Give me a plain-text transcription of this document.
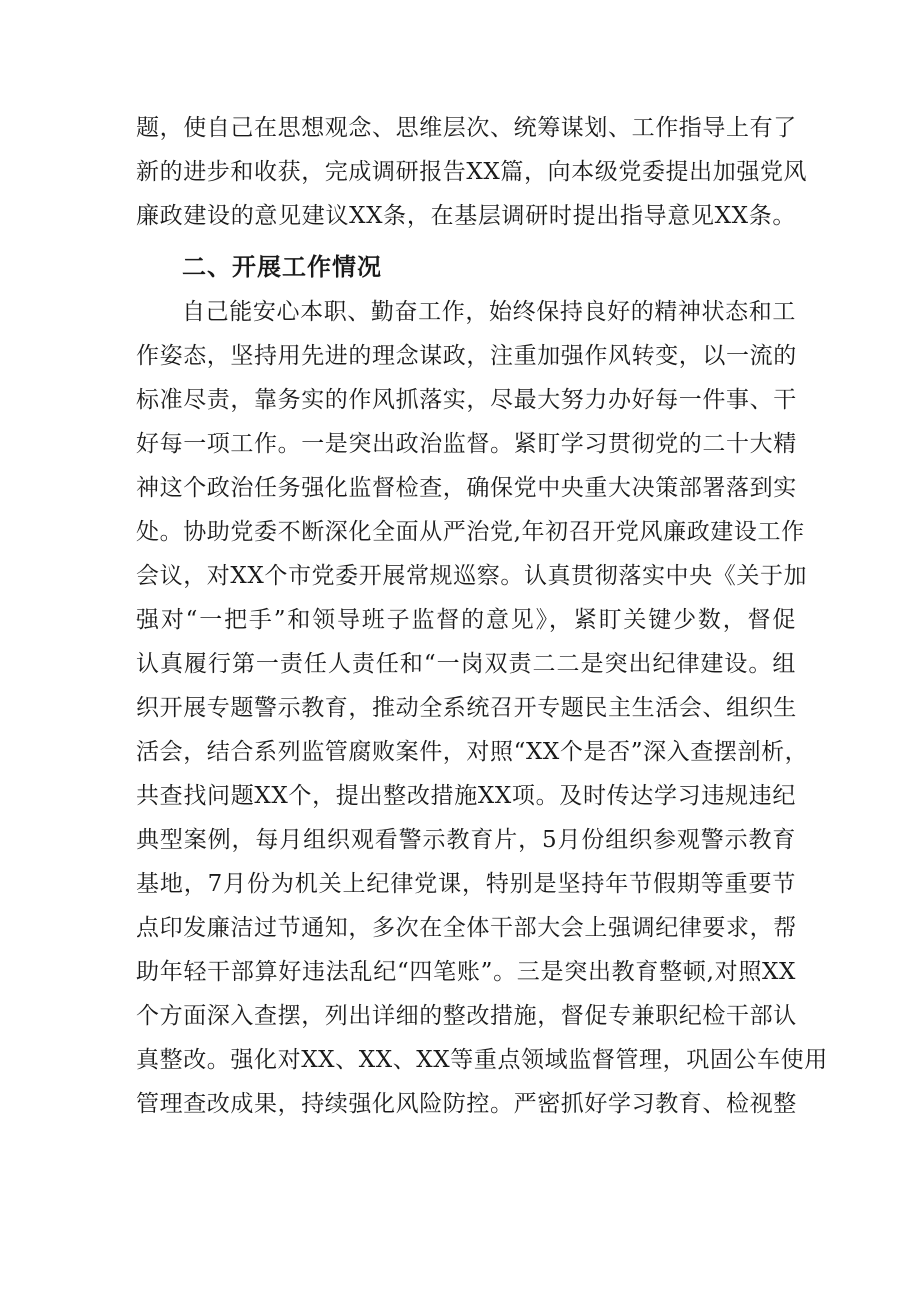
题，使自己在思想观念、思维层次、统筹谋划、工作指导上有了
新的进步和收获，完成调研报告XX篇，向本级党委提出加强党风
廉政建设的意见建议XX条，在基层调研时提出指导意见XX条。
二、开展工作情况
自己能安心本职、勤奋工作，始终保持良好的精神状态和工
作姿态，坚持用先进的理念谋政，注重加强作风转变，以一流的
标准尽责，靠务实的作风抓落实，尽最大努力办好每一件事、干
好每一项工作。一是突出政治监督。紧盯学习贯彻党的二十大精
神这个政治任务强化监督检查，确保党中央重大决策部署落到实
处。协助党委不断深化全面从严治党,年初召开党风廉政建设工作
会议，对XX个市党委开展常规巡察。认真贯彻落实中央《关于加
强对“一把手”和领导班子监督的意见》，紧盯关键少数，督促
认真履行第一责任人责任和“一岗双责二二是突出纪律建设。组
织开展专题警示教育，推动全系统召开专题民主生活会、组织生
活会，结合系列监管腐败案件，对照“XX个是否”深入查摆剖析，
共查找问题XX个，提出整改措施XX项。及时传达学习违规违纪
典型案例，每月组织观看警示教育片，5月份组织参观警示教育
基地，7月份为机关上纪律党课，特别是坚持年节假期等重要节
点印发廉洁过节通知，多次在全体干部大会上强调纪律要求，帮
助年轻干部算好违法乱纪“四笔账”。三是突出教育整顿,对照XX
个方面深入查摆，列出详细的整改措施，督促专兼职纪检干部认
真整改。强化对XX、XX、XX等重点领域监督管理，巩固公车使用
管理查改成果，持续强化风险防控。严密抓好学习教育、检视整
